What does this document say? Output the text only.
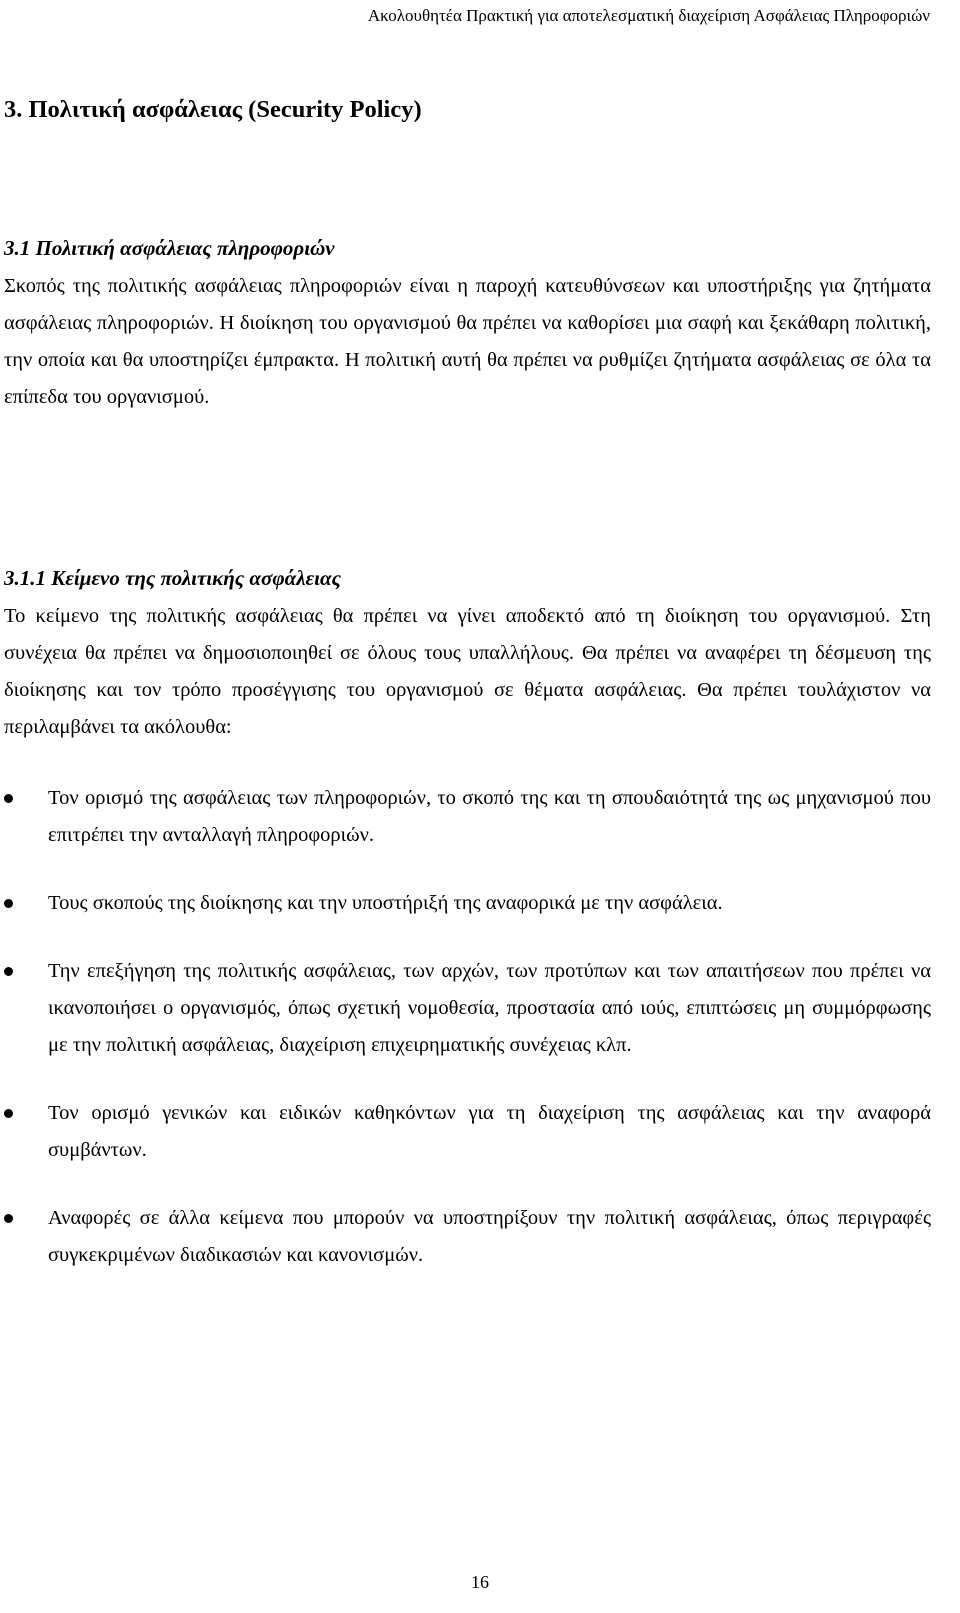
Ακολουθητέα Πρακτική για αποτελεσματική διαχείριση Ασφάλειας Πληροφοριών
3. Πολιτική ασφάλειας (Security Policy)
3.1 Πολιτική ασφάλειας πληροφοριών

Σκοπός της πολιτικής ασφάλειας πληροφοριών είναι η παροχή κατευθύνσεων και υποστήριξης για ζητήματα ασφάλειας πληροφοριών. Η διοίκηση του οργανισμού θα πρέπει να καθορίσει μια σαφή και ξεκάθαρη πολιτική, την οποία και θα υποστηρίζει έμπρακτα. Η πολιτική αυτή θα πρέπει να ρυθμίζει ζητήματα ασφάλειας σε όλα τα επίπεδα του οργανισμού.

3.1.1 Κείμενο της πολιτικής ασφάλειας

Το κείμενο της πολιτικής ασφάλειας θα πρέπει να γίνει αποδεκτό από τη διοίκηση του οργανισμού. Στη συνέχεια θα πρέπει να δημοσιοποιηθεί σε όλους τους υπαλλήλους. Θα πρέπει να αναφέρει τη δέσμευση της διοίκησης και τον τρόπο προσέγγισης του οργανισμού σε θέματα ασφάλειας. Θα πρέπει τουλάχιστον να περιλαμβάνει τα ακόλουθα:

Τον ορισμό της ασφάλειας των πληροφοριών, το σκοπό της και τη σπουδαιότητά της ως μηχανισμού που επιτρέπει την ανταλλαγή πληροφοριών.
Τους σκοπούς της διοίκησης και την υποστήριξή της αναφορικά με την ασφάλεια.
Την επεξήγηση της πολιτικής ασφάλειας, των αρχών, των προτύπων και των απαιτήσεων που πρέπει να ικανοποιήσει ο οργανισμός, όπως σχετική νομοθεσία, προστασία από ιούς, επιπτώσεις μη συμμόρφωσης με την πολιτική ασφάλειας, διαχείριση επιχειρηματικής συνέχειας κλπ.
Τον ορισμό γενικών και ειδικών καθηκόντων για τη διαχείριση της ασφάλειας και την αναφορά συμβάντων.
Αναφορές σε άλλα κείμενα που μπορούν να υποστηρίξουν την πολιτική ασφάλειας, όπως περιγραφές συγκεκριμένων διαδικασιών και κανονισμών.
16
